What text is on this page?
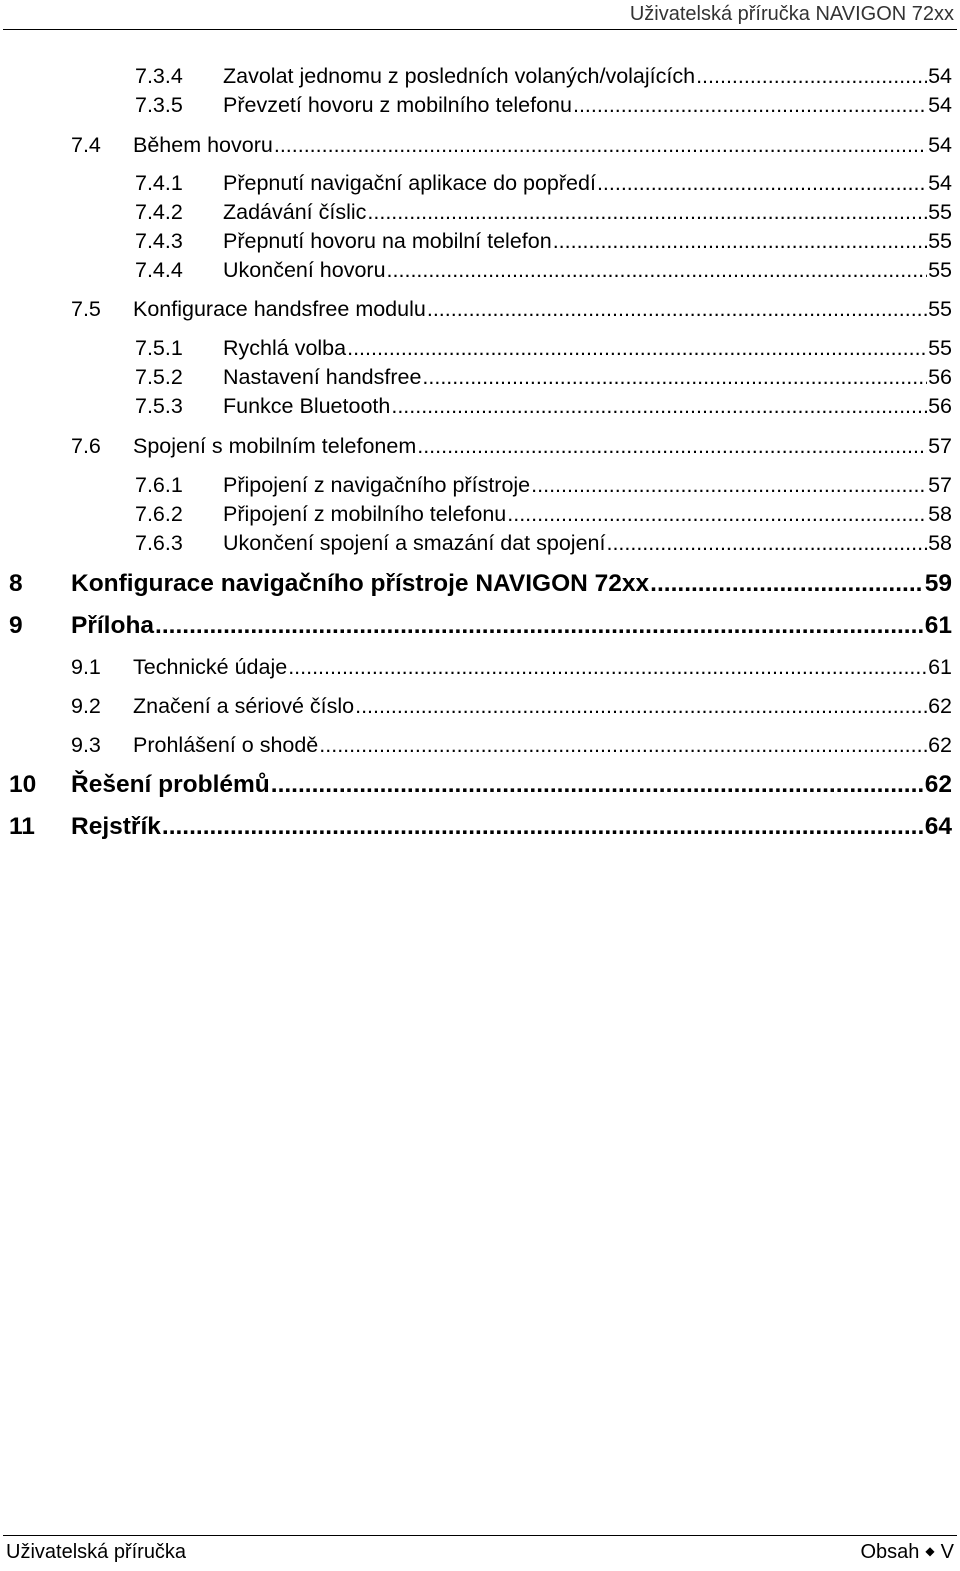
Uživatelská příručka NAVIGON 72xx
7.3.4	Zavolat jednomu z posledních volaných/volajících .....	54
7.3.5	Převzetí hovoru z mobilního telefonu .....	54
7.4	Během hovoru .....	54
7.4.1	Přepnutí navigační aplikace do popředí .....	54
7.4.2	Zadávání číslic .....	55
7.4.3	Přepnutí hovoru na mobilní telefon .....	55
7.4.4	Ukončení hovoru .....	55
7.5	Konfigurace handsfree modulu .....	55
7.5.1	Rychlá volba .....	55
7.5.2	Nastavení handsfree .....	56
7.5.3	Funkce Bluetooth .....	56
7.6	Spojení s mobilním telefonem .....	57
7.6.1	Připojení z navigačního přístroje .....	57
7.6.2	Připojení z mobilního telefonu .....	58
7.6.3	Ukončení spojení a smazání dat spojení .....	58
8	Konfigurace navigačního přístroje NAVIGON 72xx .....	59
9	Příloha .....	61
9.1	Technické údaje .....	61
9.2	Značení a sériové číslo .....	62
9.3	Prohlášení o shodě .....	62
10	Řešení problémů .....	62
11	Rejstřík .....	64
Uživatelská příručka	Obsah ◆ V
